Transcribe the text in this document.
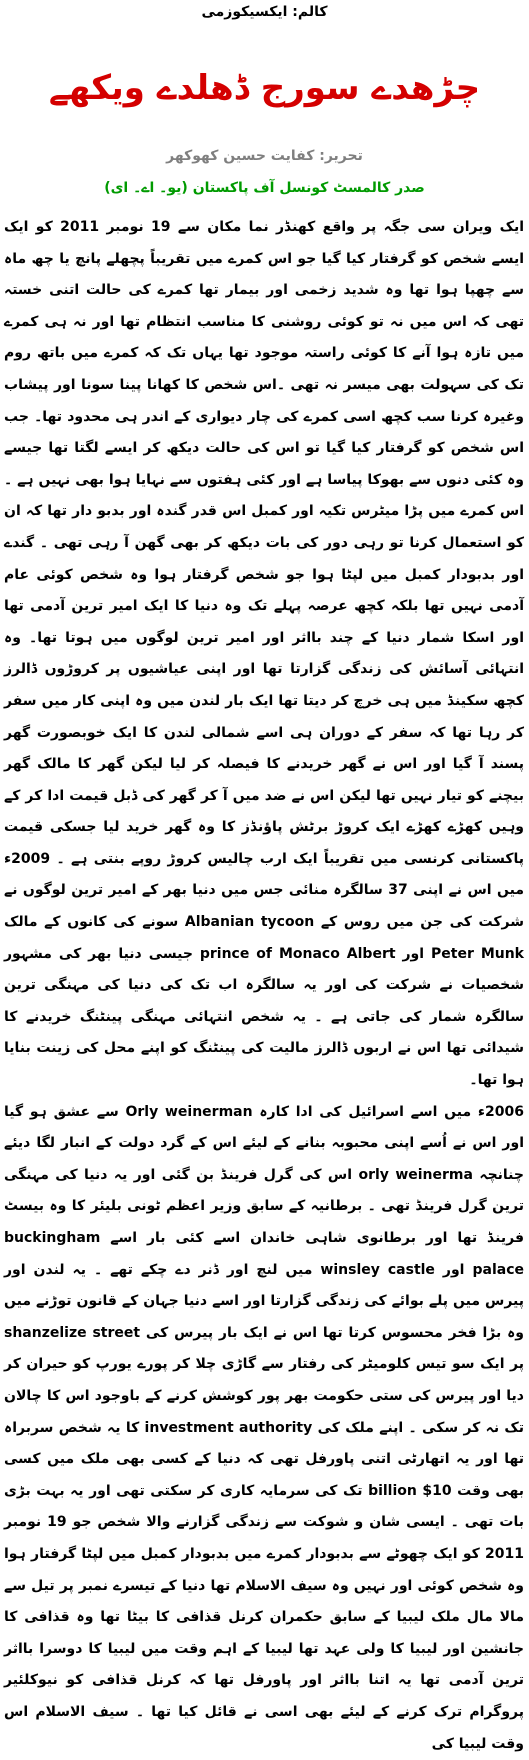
کالم: ایکسیکوزمی
چڑھدے سورج ڈھلدے ویکھے
تحریر: کفایت حسین کھوکھر
صدر کالمسٹ کونسل آف پاکستان (یو۔ اے۔ ای)

ایک ویران سی جگہ پر واقع کھنڈر نما مکان سے 19 نومبر 2011 کو ایک ایسے شخص کو گرفتار کیا گیا جو اس کمرے میں تقریباً پچھلے پانچ یا چھ ماہ سے چھپا ہوا تھا وہ شدید زخمی اور بیمار تھا کمرے کی حالت اتنی خستہ تھی کہ اس میں نہ تو کوئی روشنی کا مناسب انتظام تھا اور نہ ہی کمرے میں تازہ ہوا آنے کا کوئی راستہ موجود تھا یہاں تک کہ کمرے میں باتھ روم تک کی سہولت بھی میسر نہ تھی ۔اس شخص کا کھانا پینا سونا اور پیشاب وغیرہ کرنا سب کچھ اسی کمرے کی چار دیواری کے اندر ہی محدود تھا۔ جب اس شخص کو گرفتار کیا گیا تو اس کی حالت دیکھ کر ایسے لگتا تھا جیسے وہ کئی دنوں سے بھوکا پیاسا ہے اور کئی ہفتوں سے نہایا ہوا بھی نہیں ہے ۔ اس کمرے میں پڑا میٹرس تکیہ اور کمبل اس قدر گندہ اور بدبو دار تھا کہ ان کو استعمال کرنا تو رہی دور کی بات دیکھ کر بھی گھن آ رہی تھی ۔ گندے اور بدبودار کمبل میں لپٹا ہوا جو شخص گرفتار ہوا وہ شخص کوئی عام آدمی نہیں تھا بلکہ کچھ عرصہ پہلے تک وہ دنیا کا ایک امیر ترین آدمی تھا اور اسکا شمار دنیا کے چند بااثر اور امیر ترین لوگوں میں ہوتا تھا۔ وہ انتہائی آسائش کی زندگی گزارتا تھا اور اپنی عیاشیوں پر کروڑوں ڈالرز کچھ سکینڈ میں ہی خرچ کر دیتا تھا ایک بار لندن میں وہ اپنی کار میں سفر کر رہا تھا کہ سفر کے دوران ہی اسے شمالی لندن کا ایک خوبصورت گھر پسند آ گیا اور اس نے گھر خریدنے کا فیصلہ کر لیا لیکن گھر کا مالک گھر بیچنے کو تیار نہیں تھا لیکن اس نے ضد میں آ کر گھر کی ڈبل قیمت ادا کر کے وہیں کھڑے کھڑے ایک کروڑ برٹش پاؤنڈز کا وہ گھر خرید لیا جسکی قیمت پاکستانی کرنسی میں تقریباً ایک ارب چالیس کروڑ روپے بنتی ہے ۔ 2009ء میں اس نے اپنی 37 سالگرہ منائی جس میں دنیا بھر کے امیر ترین لوگوں نے شرکت کی جن میں روس کے Albanian tycoon سونے کی کانوں کے مالک Peter Munk اور prince of Monaco Albert جیسی دنیا بھر کی مشہور شخصیات نے شرکت کی اور یہ سالگرہ اب تک کی دنیا کی مہنگی ترین سالگرہ شمار کی جاتی ہے ۔ یہ شخص انتہائی مہنگی پینٹنگ خریدنے کا شیدائی تھا اس نے اربوں ڈالرز مالیت کی پینٹنگ کو اپنے محل کی زینت بنایا ہوا تھا۔

2006ء میں اسے اسرائیل کی ادا کارہ Orly weinerman سے عشق ہو گیا اور اس نے اُسے اپنی محبوبہ بنانے کے لیئے اس کے گرد دولت کے انبار لگا دیئے چنانچہ orly weinerma اس کی گرل فرینڈ بن گئی اور یہ دنیا کی مہنگی ترین گرل فرینڈ تھی ۔ برطانیہ کے سابق وزیر اعظم ٹونی بلیئر کا وہ بیسٹ فرینڈ تھا اور برطانوی شاہی خاندان اسے کئی بار اسے buckingham palace اور winsley castle میں لنچ اور ڈنر دے چکے تھے ۔ یہ لندن اور پیرس میں پلے بوائے کی زندگی گزارتا اور اسے دنیا جہان کے قانون توڑنے میں وہ بڑا فخر محسوس کرتا تھا اس نے ایک بار پیرس کی shanzelize street پر ایک سو تیس کلومیٹر کی رفتار سے گاڑی چلا کر پورے یورپ کو حیران کر دیا اور پیرس کی ستی حکومت بھر پور کوشش کرنے کے باوجود اس کا چالان تک نہ کر سکی ۔ اپنے ملک کی investment authority کا یہ شخص سربراہ تھا اور یہ اتھارٹی اتنی پاورفل تھی کہ دنیا کے کسی بھی ملک میں کسی بھی وقت 10$ billion تک کی سرمایہ کاری کر سکتی تھی اور یہ بہت بڑی بات تھی ۔ ایسی شان و شوکت سے زندگی گزارنے والا شخص جو 19 نومبر 2011 کو ایک چھوٹے سے بدبودار کمرے میں بدبودار کمبل میں لپٹا گرفتار ہوا وہ شخص کوئی اور نہیں وہ سیف الاسلام تھا دنیا کے تیسرے نمبر پر تیل سے مالا مال ملک لیبیا کے سابق حکمران کرنل قذافی کا بیٹا تھا وہ قذافی کا جانشین اور لیبیا کا ولی عہد تھا لیبیا کے اہم وقت میں لیبیا کا دوسرا بااثر ترین آدمی تھا یہ اتنا بااثر اور پاورفل تھا کہ کرنل قذافی کو نیوکلئیر پروگرام ترک کرنے کے لیئے بھی اسی نے قائل کیا تھا ۔ سیف الاسلام اس وقت لیبیا کی
